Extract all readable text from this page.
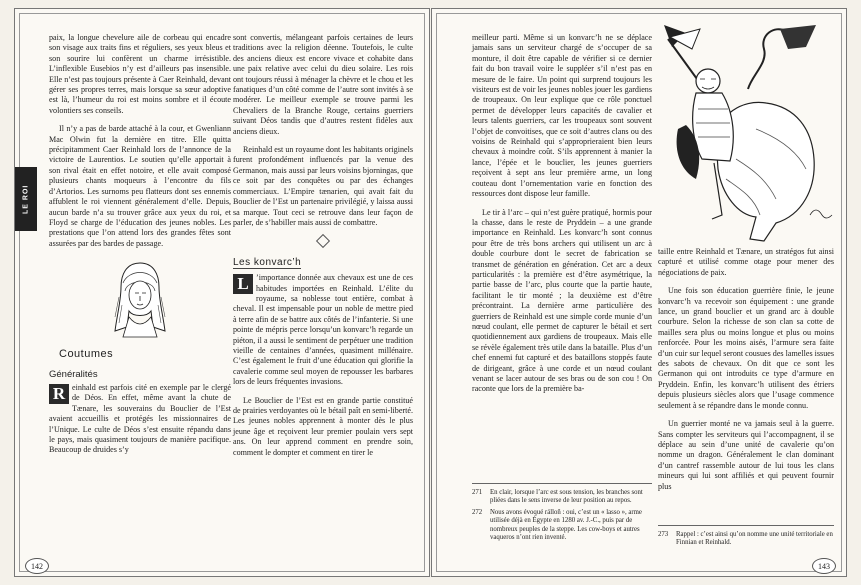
LE ROI

paix, la longue chevelure aile de corbeau qui encadre son visage aux traits fins et réguliers, ses yeux bleus et son sourire lui confèrent un charme irrésistible. L’inflexible Eusebios n’y est d’ailleurs pas insensible. Elle n’est pas toujours présente à Caer Reinhald, devant gérer ses propres terres, mais lorsque sa sœur adoptive est là, l’humeur du roi est moins sombre et il écoute volontiers ses conseils.

Il n’y a pas de barde attaché à la cour, et Gwenliann Mac Olwin fut la dernière en titre. Elle quitta précipitamment Caer Reinhald lors de l’annonce de la victoire de Laurentios. Le soutien qu’elle apportait à son rival était en effet notoire, et elle avait composé plusieurs chants moqueurs à l’encontre du fils d’Artorios. Les surnoms peu flatteurs dont ses ennemis affublent le roi viennent généralement d’elle. Depuis, aucun barde n’a su trouver grâce aux yeux du roi, et Floyd se charge de l’éducation des jeunes nobles. Les prestations que l’on attend lors des grandes fêtes sont assurées par des bardes de passage.

Coutumes
Généralités

R einhald est parfois cité en exemple par le clergé de Déos. En effet, même avant la chute de Tænare, les souverains du Bouclier de l’Est avaient accueillis et protégés les missionnaires de l’Unique. Le culte de Déos s’est ensuite répandu dans le pays, mais quasiment toujours de manière pacifique. Beaucoup de druides s’y

sont convertis, mélangeant parfois certaines de leurs traditions avec la religion déenne. Toutefois, le culte des anciens dieux est encore vivace et cohabite dans une paix relative avec celui du dieu solaire. Les rois ont toujours réussi à ménager la chèvre et le chou et les fanatiques d’un côté comme de l’autre sont invités à se modérer. Le meilleur exemple se trouve parmi les Chevaliers de la Branche Rouge, certains guerriers suivant Déos tandis que d’autres restent fidèles aux anciens dieux.

Reinhald est un royaume dont les habitants originels furent profondément influencés par la venue des Germanon, mais aussi par leurs voisins bjorningas, que ce soit par des conquêtes ou par des échanges commerciaux. L’Empire tænarien, qui avait fait du Bouclier de l’Est un partenaire privilégié, y laissa aussi sa marque. Tout ceci se retrouve dans leur façon de parler, de s’habiller mais aussi de combattre.

Les konvarc’h

L ’importance donnée aux chevaux est une de ces habitudes importées en Reinhald. L’élite du royaume, sa noblesse tout entière, combat à cheval. Il est impensable pour un noble de mettre pied à terre afin de se battre aux côtés de l’infanterie. Si une pointe de mépris perce lorsqu’un konvarc’h regarde un piéton, il a aussi le sentiment de perpétuer une tradition vieille de centaines d’années, quasiment millénaire. C’est également le fruit d’une éducation qui glorifie la cavalerie comme seul moyen de repousser les barbares lors de leurs fréquentes invasions.

Le Bouclier de l’Est est en grande partie constitué de prairies verdoyantes où le bétail paît en semi-liberté. Les jeunes nobles apprennent à monter dès le plus jeune âge et reçoivent leur premier poulain vers sept ans. On leur apprend comment en prendre soin, comment le dompter et comment en tirer le

142

meilleur parti. Même si un konvarc’h ne se déplace jamais sans un serviteur chargé de s’occuper de sa monture, il doit être capable de vérifier si ce dernier fait du bon travail voire le suppléer s’il n’est pas en mesure de le faire. Un point qui surprend toujours les visiteurs est de voir les jeunes nobles jouer les gardiens de troupeaux. On leur explique que ce rôle ponctuel permet de développer leurs capacités de cavalier et leurs talents guerriers, car les troupeaux sont souvent l’objet de convoitises, que ce soit d’autres clans ou des voisins de Reinhald qui s’approprieraient bien leurs chevaux à moindre coût. S’ils apprennent à manier la lance, l’épée et le bouclier, les jeunes guerriers reçoivent à sept ans leur première arme, un long couteau dont l’ornementation varie en fonction des ressources dont dispose leur famille.

Le tir à l’arc – qui n’est guère pratiqué, hormis pour la chasse, dans le reste de Pryddein – a une grande importance en Reinhald. Les konvarc’h sont connus pour être de très bons archers qui utilisent un arc à double courbure dont le secret de fabrication se transmet de génération en génération. Cet arc a deux particularités : la première est d’être asymétrique, la partie basse de l’arc, plus courte que la partie haute, facilitant le tir monté ; la deuxième est d’être précontraint. La dernière arme particulière des guerriers de Reinhald est une simple corde munie d’un nœud coulant, elle permet de capturer le bétail et sert quotidiennement aux gardiens de troupeaux. Mais elle se révèle également très utile dans la bataille. Plus d’un chef ennemi fut capturé et des bataillons stoppés faute de dirigeant, grâce à une corde et un nœud coulant venant se lacer autour de ses bras ou de son cou ! On raconte que lors de la première ba-

271	En clair, lorsque l’arc est sous tension, les branches sont pliées dans le sens inverse de leur position au repos.
272	Nous avons évoqué rálloñ : oui, c’est un « lasso », arme utilisée déjà en Égypte en 1280 av. J.-C., puis par de nombreux peuples de la steppe. Les cow-boys et autres vaqueros n’ont rien inventé.

taille entre Reinhald et Tænare, un stratégos fut ainsi capturé et utilisé comme otage pour mener des négociations de paix.

Une fois son éducation guerrière finie, le jeune konvarc’h va recevoir son équipement : une grande lance, un grand bouclier et un grand arc à double courbure. Selon la richesse de son clan sa cotte de mailles sera plus ou moins longue et plus ou moins renforcée. Pour les moins aisés, l’armure sera faite d’un cuir sur lequel seront cousues des lamelles issues des sabots de chevaux. On dit que ce sont les Germanon qui ont introduits ce type d’armure en Pryddein. Enfin, les konvarc’h utilisent des étriers depuis plusieurs siècles alors que l’usage commence seulement à se répandre dans le monde connu.

Un guerrier monté ne va jamais seul à la guerre. Sans compter les serviteurs qui l’accompagnent, il se déplace au sein d’une unité de cavalerie qu’on nomme un dragon. Généralement le clan dominant d’un cantref rassemble autour de lui tous les clans mineurs qui lui sont affiliés et qui peuvent fournir plus

273	Rappel : c’est ainsi qu’on nomme une unité territoriale en Finnian et Reinhald.
143
